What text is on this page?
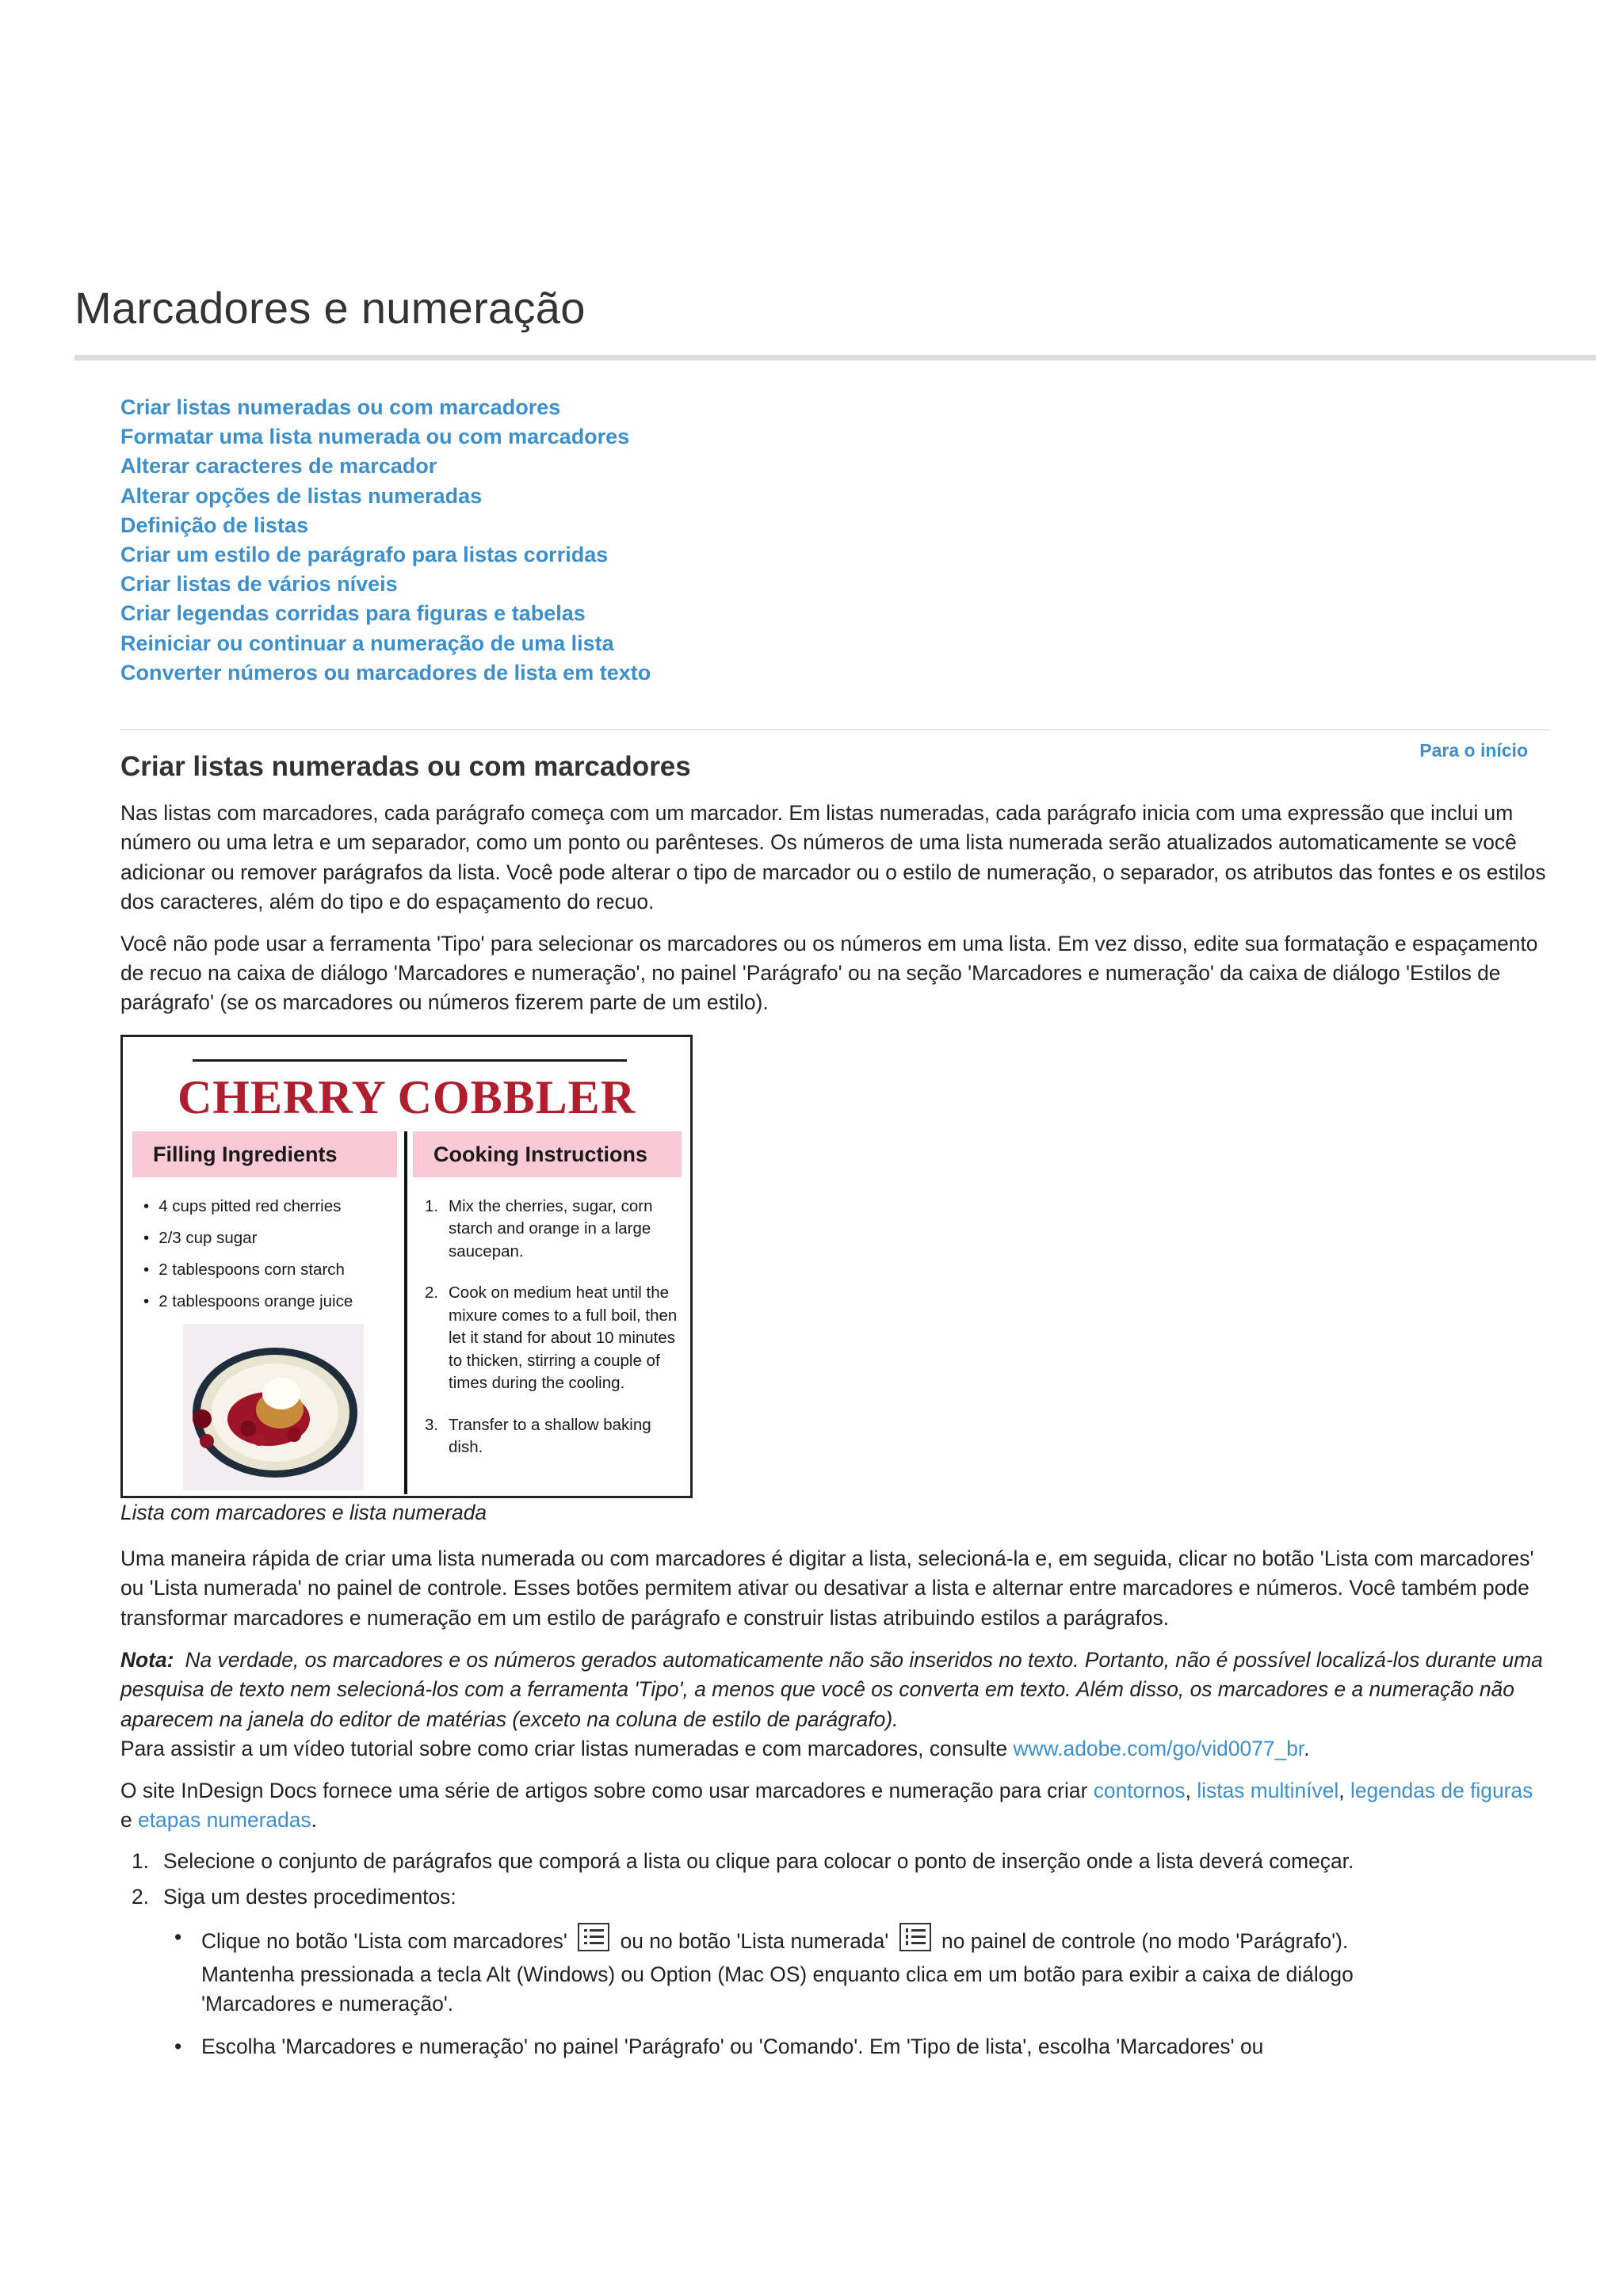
Marcadores e numeração
Criar listas numeradas ou com marcadores
Formatar uma lista numerada ou com marcadores
Alterar caracteres de marcador
Alterar opções de listas numeradas
Definição de listas
Criar um estilo de parágrafo para listas corridas
Criar listas de vários níveis
Criar legendas corridas para figuras e tabelas
Reiniciar ou continuar a numeração de uma lista
Converter números ou marcadores de lista em texto
Para o início
Criar listas numeradas ou com marcadores

Nas listas com marcadores, cada parágrafo começa com um marcador. Em listas numeradas, cada parágrafo inicia com uma expressão que inclui um número ou uma letra e um separador, como um ponto ou parênteses. Os números de uma lista numerada serão atualizados automaticamente se você adicionar ou remover parágrafos da lista. Você pode alterar o tipo de marcador ou o estilo de numeração, o separador, os atributos das fontes e os estilos dos caracteres, além do tipo e do espaçamento do recuo.

Você não pode usar a ferramenta 'Tipo' para selecionar os marcadores ou os números em uma lista. Em vez disso, edite sua formatação e espaçamento de recuo na caixa de diálogo 'Marcadores e numeração', no painel 'Parágrafo' ou na seção 'Marcadores e numeração' da caixa de diálogo 'Estilos de parágrafo' (se os marcadores ou números fizerem parte de um estilo).

CHERRY COBBLER
Filling Ingredients	Cooking Instructions
• 4 cups pitted red cherries
• 2/3 cup sugar
• 2 tablespoons corn starch
• 2 tablespoons orange juice
1. Mix the cherries, sugar, corn starch and orange in a large saucepan.
2. Cook on medium heat until the mixure comes to a full boil, then let it stand for about 10 minutes to thicken, stirring a couple of times during the cooling.
3. Transfer to a shallow baking dish.

Lista com marcadores e lista numerada

Uma maneira rápida de criar uma lista numerada ou com marcadores é digitar a lista, selecioná-la e, em seguida, clicar no botão 'Lista com marcadores' ou 'Lista numerada' no painel de controle. Esses botões permitem ativar ou desativar a lista e alternar entre marcadores e números. Você também pode transformar marcadores e numeração em um estilo de parágrafo e construir listas atribuindo estilos a parágrafos.

Nota: Na verdade, os marcadores e os números gerados automaticamente não são inseridos no texto. Portanto, não é possível localizá-los durante uma pesquisa de texto nem selecioná-los com a ferramenta 'Tipo', a menos que você os converta em texto. Além disso, os marcadores e a numeração não aparecem na janela do editor de matérias (exceto na coluna de estilo de parágrafo).

Para assistir a um vídeo tutorial sobre como criar listas numeradas e com marcadores, consulte www.adobe.com/go/vid0077_br.

O site InDesign Docs fornece uma série de artigos sobre como usar marcadores e numeração para criar contornos, listas multinível, legendas de figuras e etapas numeradas.

1. Selecione o conjunto de parágrafos que comporá a lista ou clique para colocar o ponto de inserção onde a lista deverá começar.
2. Siga um destes procedimentos:
• Clique no botão 'Lista com marcadores'	ou no botão 'Lista numerada'	no painel de controle (no modo 'Parágrafo'). Mantenha pressionada a tecla Alt (Windows) ou Option (Mac OS) enquanto clica em um botão para exibir a caixa de diálogo 'Marcadores e numeração'.
• Escolha 'Marcadores e numeração' no painel 'Parágrafo' ou 'Comando'. Em 'Tipo de lista', escolha 'Marcadores' ou
